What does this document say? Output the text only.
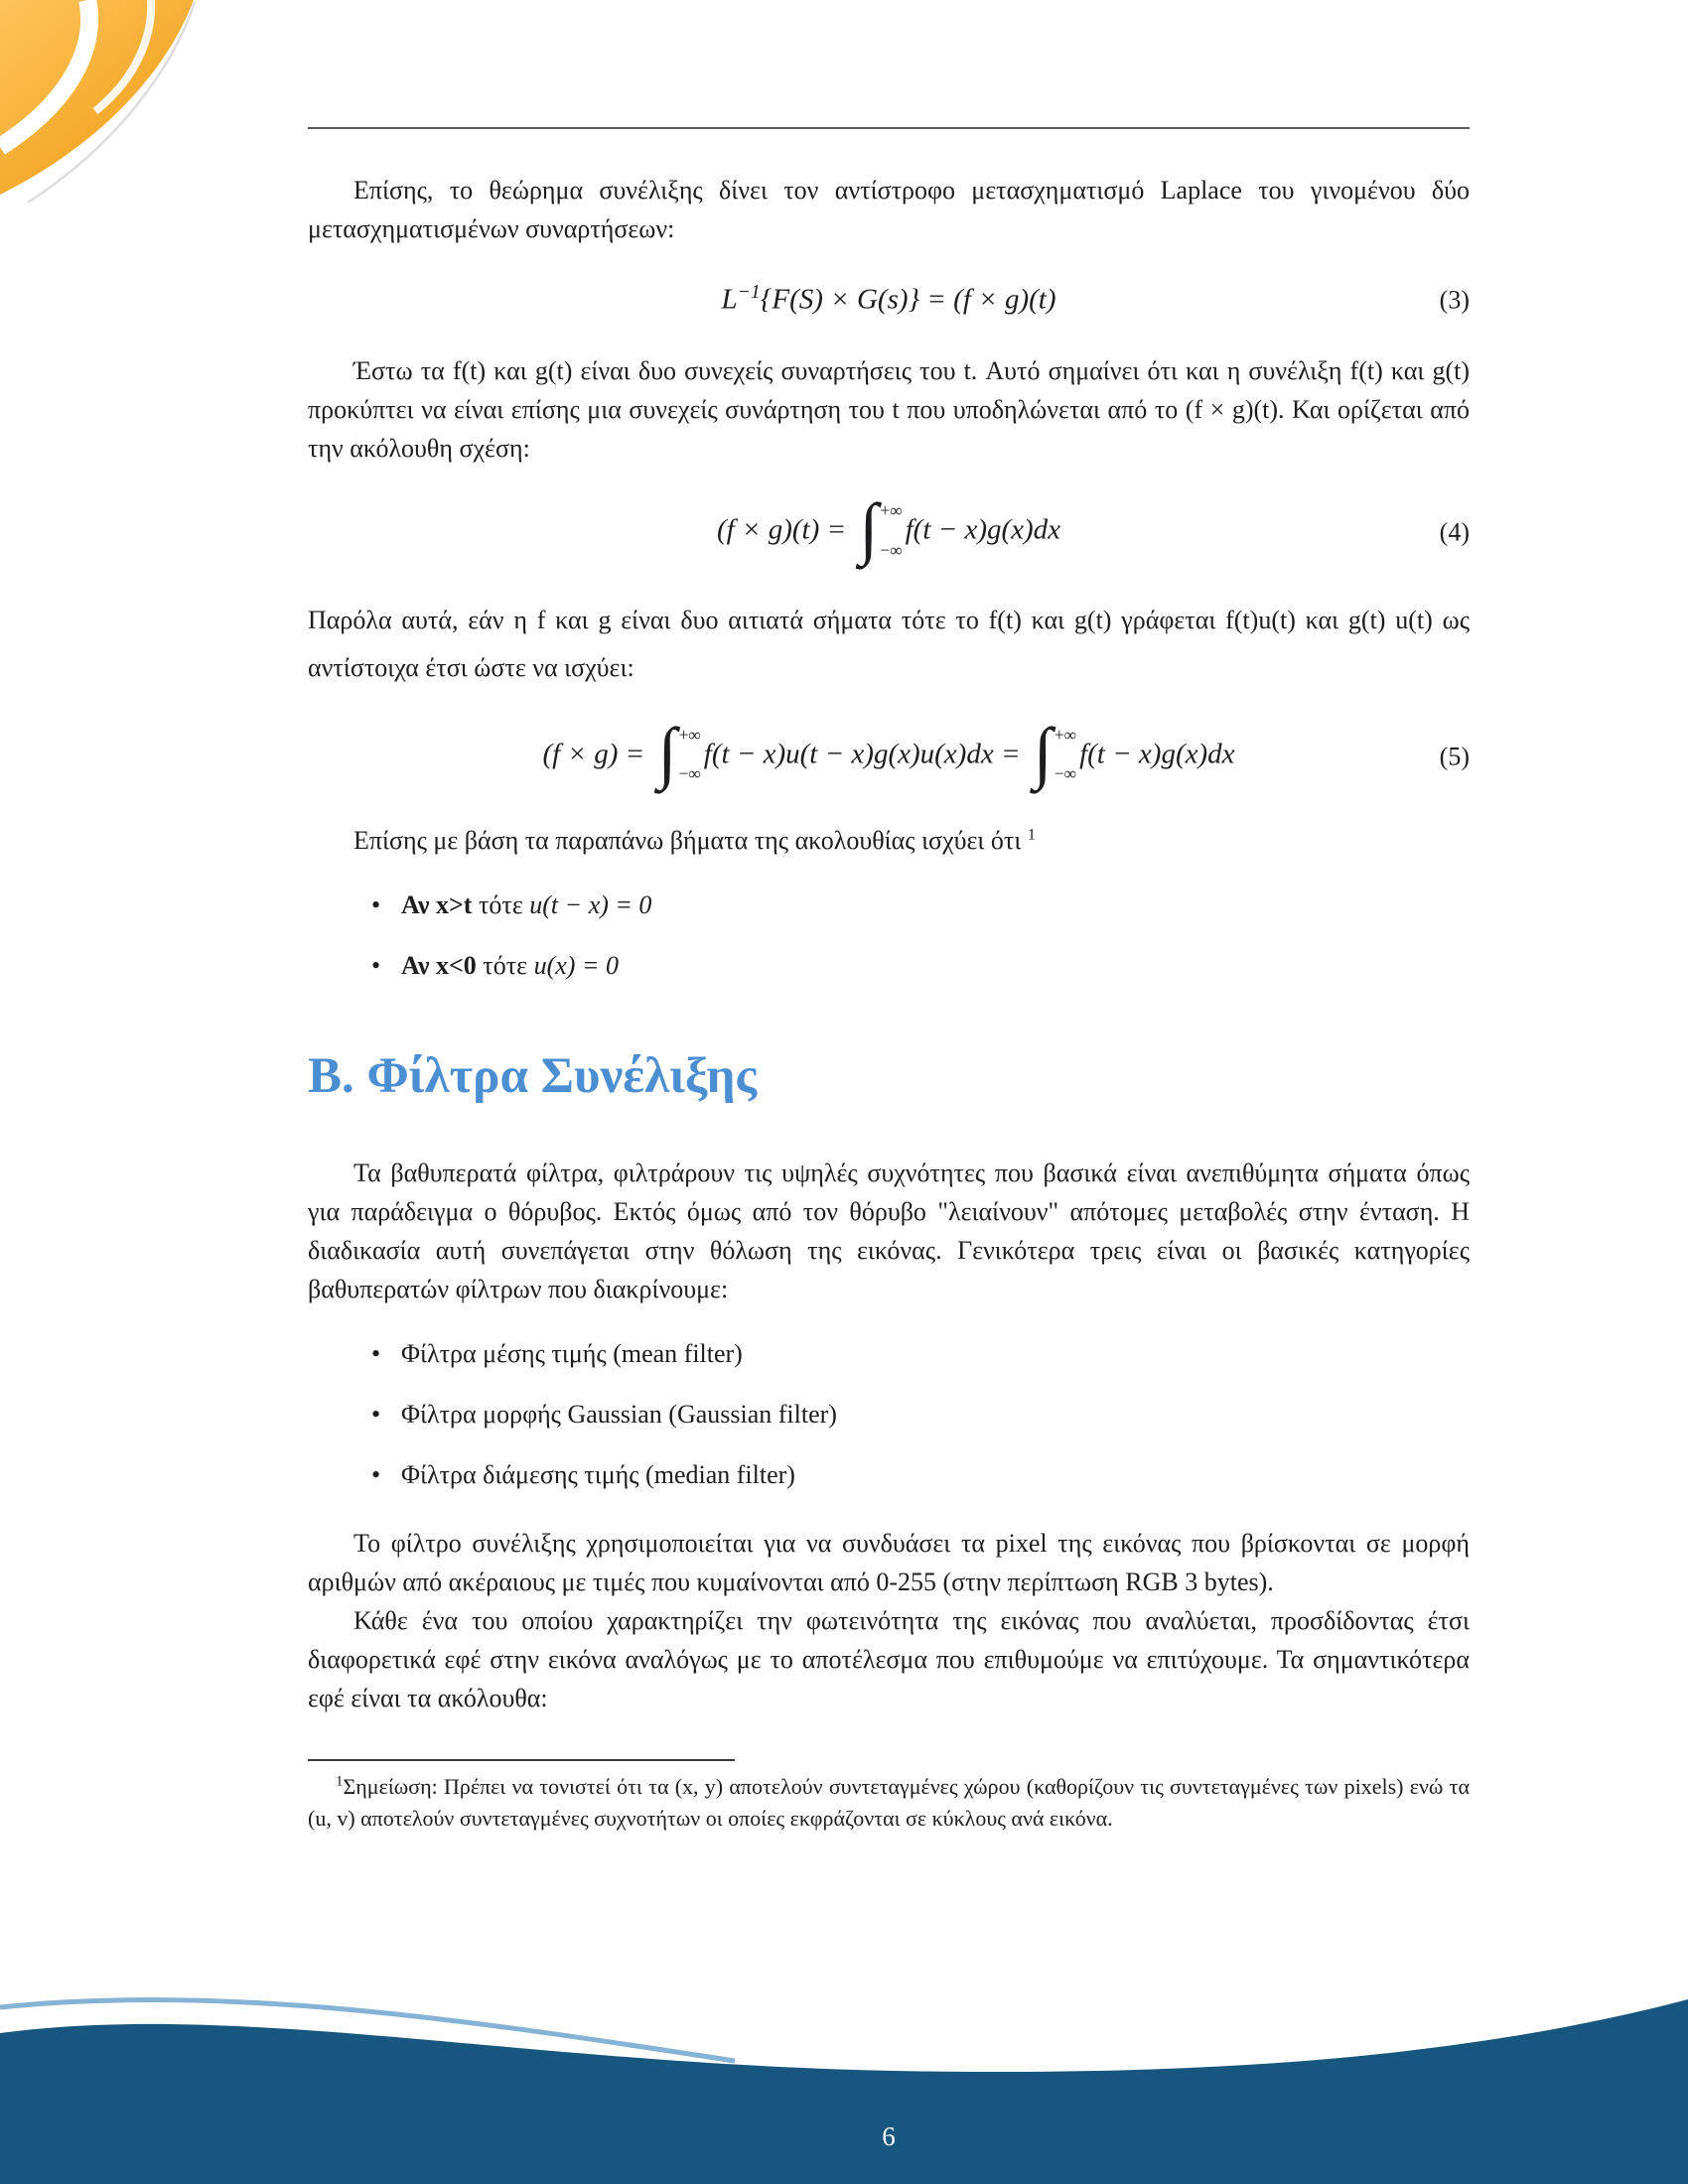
Επίσης, το θεώρημα συνέλιξης δίνει τον αντίστροφο μετασχηματισμό Laplace του γινομένου δύο μετασχηματισμένων συναρτήσεων:

$L^{-1}\{F(S) \times G(s)\} = (f \times g)(t)$	(3)

Έστω τα f(t) και g(t) είναι δυο συνεχείς συναρτήσεις του t. Αυτό σημαίνει ότι και η συνέλιξη f(t) και g(t) προκύπτει να είναι επίσης μια συνεχείς συνάρτηση του t που υποδηλώνεται από το (f × g)(t). Και ορίζεται από την ακόλουθη σχέση:

(f × g)(t) = ∫ +∞
−∞
f(t − x)g(x)dx	(4)

Παρόλα αυτά, εάν η f και g είναι δυο αιτιατά σήματα τότε το f(t) και g(t) γράφεται f(t)u(t) και g(t) u(t) ως αντίστοιχα έτσι ώστε να ισχύει:

(f × g) = ∫ +∞
−∞
f(t − x)u(t − x)g(x)u(x)dx = ∫ +∞
−∞
f(t − x)g(x)dx	(5)

Επίσης με βάση τα παραπάνω βήματα της ακολουθίας ισχύει ότι $^1$

• Αν x>t τότε u(t − x) = 0
• Αν x<0 τότε u(x) = 0
Β. Φίλτρα Συνέλιξης

Τα βαθυπερατά φίλτρα, φιλτράρουν τις υψηλές συχνότητες που βασικά είναι ανεπιθύμητα σήματα όπως για παράδειγμα ο θόρυβος. Εκτός όμως από τον θόρυβο "λειαίνουν" απότομες μεταβολές στην ένταση. Η διαδικασία αυτή συνεπάγεται στην θόλωση της εικόνας. Γενικότερα τρεις είναι οι βασικές κατηγορίες βαθυπερατών φίλτρων που διακρίνουμε:

• Φίλτρα μέσης τιμής (mean filter)
• Φίλτρα μορφής Gaussian (Gaussian filter)
• Φίλτρα διάμεσης τιμής (median filter)

Το φίλτρο συνέλιξης χρησιμοποιείται για να συνδυάσει τα pixel της εικόνας που βρίσκονται σε μορφή αριθμών από ακέραιους με τιμές που κυμαίνονται από 0-255 (στην περίπτωση RGB 3 bytes).

Κάθε ένα του οποίου χαρακτηρίζει την φωτεινότητα της εικόνας που αναλύεται, προσδίδοντας έτσι διαφορετικά εφέ στην εικόνα αναλόγως με το αποτέλεσμα που επιθυμούμε να επιτύχουμε. Τα σημαντικότερα εφέ είναι τα ακόλουθα:

$^1$Σημείωση: Πρέπει να τονιστεί ότι τα (x, y) αποτελούν συντεταγμένες χώρου (καθορίζουν τις συντεταγμένες των pixels) ενώ τα (u, v) αποτελούν συντεταγμένες συχνοτήτων οι οποίες εκφράζονται σε κύκλους ανά εικόνα.

6
